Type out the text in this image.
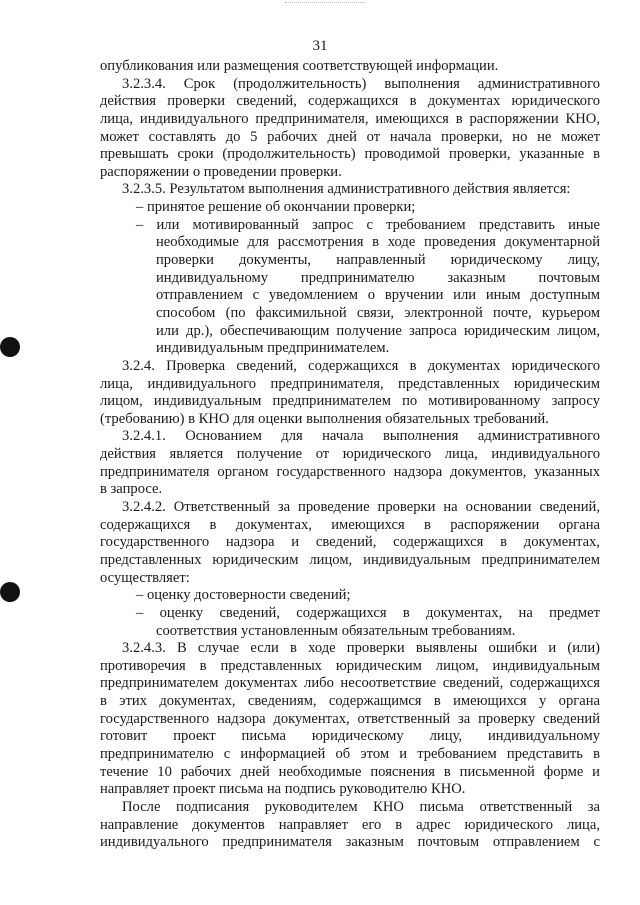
31
опубликования или размещения соответствующей информации.
3.2.3.4. Срок (продолжительность) выполнения административного
действия проверки сведений, содержащихся в документах юридического
лица, индивидуального предпринимателя, имеющихся в распоряжении КНО,
может составлять до 5 рабочих дней от начала проверки, но не может
превышать сроки (продолжительность) проводимой проверки, указанные в
распоряжении о проведении проверки.
3.2.3.5. Результатом выполнения административного действия является:
– принятое решение об окончании проверки;
– или мотивированный запрос с требованием представить иные
необходимые для рассмотрения в ходе проведения документарной
проверки документы, направленный юридическому лицу,
индивидуальному предпринимателю заказным почтовым
отправлением с уведомлением о вручении или иным доступным
способом (по факсимильной связи, электронной почте, курьером
или др.), обеспечивающим получение запроса юридическим лицом,
индивидуальным предпринимателем.
3.2.4. Проверка сведений, содержащихся в документах юридического
лица, индивидуального предпринимателя, представленных юридическим
лицом, индивидуальным предпринимателем по мотивированному запросу
(требованию) в КНО для оценки выполнения обязательных требований.
3.2.4.1. Основанием для начала выполнения административного
действия является получение от юридического лица, индивидуального
предпринимателя органом государственного надзора документов, указанных
в запросе.
3.2.4.2. Ответственный за проведение проверки на основании сведений,
содержащихся в документах, имеющихся в распоряжении органа
государственного надзора и сведений, содержащихся в документах,
представленных юридическим лицом, индивидуальным предпринимателем
осуществляет:
– оценку достоверности сведений;
– оценку сведений, содержащихся в документах, на предмет
соответствия установленным обязательным требованиям.
3.2.4.3. В случае если в ходе проверки выявлены ошибки и (или)
противоречия в представленных юридическим лицом, индивидуальным
предпринимателем документах либо несоответствие сведений, содержащихся
в этих документах, сведениям, содержащимся в имеющихся у органа
государственного надзора документах, ответственный за проверку сведений
готовит проект письма юридическому лицу, индивидуальному
предпринимателю с информацией об этом и требованием представить в
течение 10 рабочих дней необходимые пояснения в письменной форме и
направляет проект письма на подпись руководителю КНО.
После подписания руководителем КНО письма ответственный за
направление документов направляет его в адрес юридического лица,
индивидуального предпринимателя заказным почтовым отправлением с
